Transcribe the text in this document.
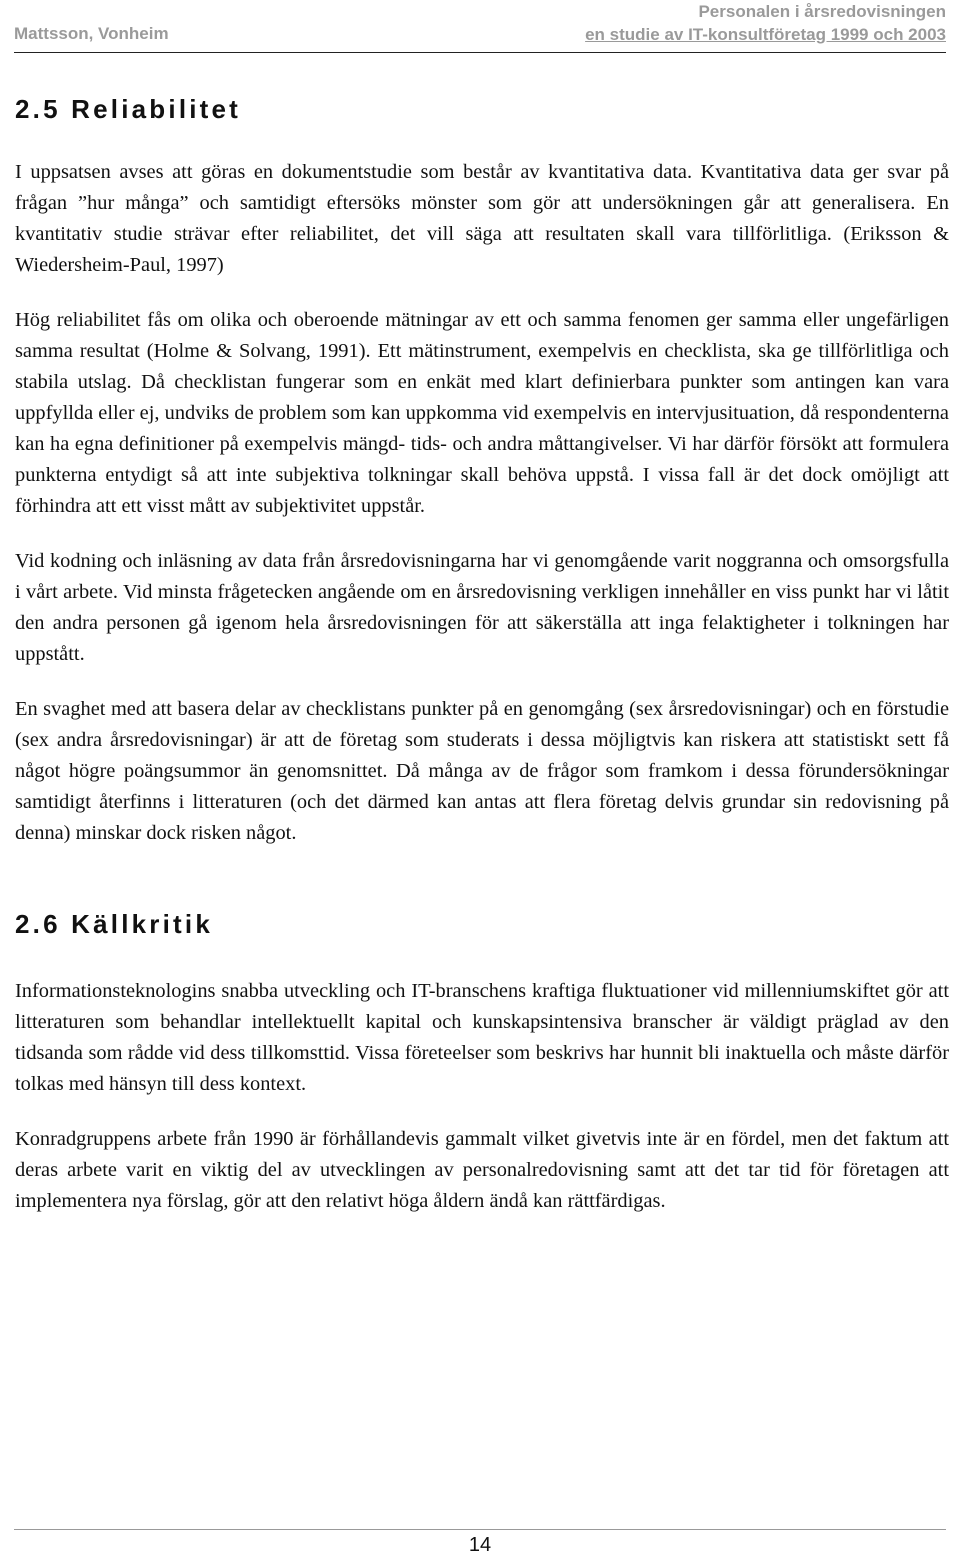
Mattsson, Vonheim
Personalen i årsredovisningen
en studie av IT-konsultföretag 1999 och 2003
2.5 Reliabilitet

I uppsatsen avses att göras en dokumentstudie som består av kvantitativa data. Kvantitativa data ger svar på frågan ”hur många” och samtidigt eftersöks mönster som gör att undersökningen går att generalisera. En kvantitativ studie strävar efter reliabilitet, det vill säga att resultaten skall vara tillförlitliga. (Eriksson & Wiedersheim-Paul, 1997)

Hög reliabilitet fås om olika och oberoende mätningar av ett och samma fenomen ger samma eller ungefärligen samma resultat (Holme & Solvang, 1991). Ett mätinstrument, exempelvis en checklista, ska ge tillförlitliga och stabila utslag. Då checklistan fungerar som en enkät med klart definierbara punkter som antingen kan vara uppfyllda eller ej, undviks de problem som kan uppkomma vid exempelvis en intervjusituation, då respondenterna kan ha egna definitioner på exempelvis mängd- tids- och andra måttangivelser. Vi har därför försökt att formulera punkterna entydigt så att inte subjektiva tolkningar skall behöva uppstå. I vissa fall är det dock omöjligt att förhindra att ett visst mått av subjektivitet uppstår.

Vid kodning och inläsning av data från årsredovisningarna har vi genomgående varit noggranna och omsorgsfulla i vårt arbete. Vid minsta frågetecken angående om en årsredovisning verkligen innehåller en viss punkt har vi låtit den andra personen gå igenom hela årsredovisningen för att säkerställa att inga felaktigheter i tolkningen har uppstått.

En svaghet med att basera delar av checklistans punkter på en genomgång (sex årsredovisningar) och en förstudie (sex andra årsredovisningar) är att de företag som studerats i dessa möjligtvis kan riskera att statistiskt sett få något högre poängsummor än genomsnittet. Då många av de frågor som framkom i dessa förundersökningar samtidigt återfinns i litteraturen (och det därmed kan antas att flera företag delvis grundar sin redovisning på denna) minskar dock risken något.

2.6 Källkritik

Informationsteknologins snabba utveckling och IT-branschens kraftiga fluktuationer vid millenniumskiftet gör att litteraturen som behandlar intellektuellt kapital och kunskapsintensiva branscher är väldigt präglad av den tidsanda som rådde vid dess tillkomsttid. Vissa företeelser som beskrivs har hunnit bli inaktuella och måste därför tolkas med hänsyn till dess kontext.

Konradgruppens arbete från 1990 är förhållandevis gammalt vilket givetvis inte är en fördel, men det faktum att deras arbete varit en viktig del av utvecklingen av personalredovisning samt att det tar tid för företagen att implementera nya förslag, gör att den relativt höga åldern ändå kan rättfärdigas.

14
